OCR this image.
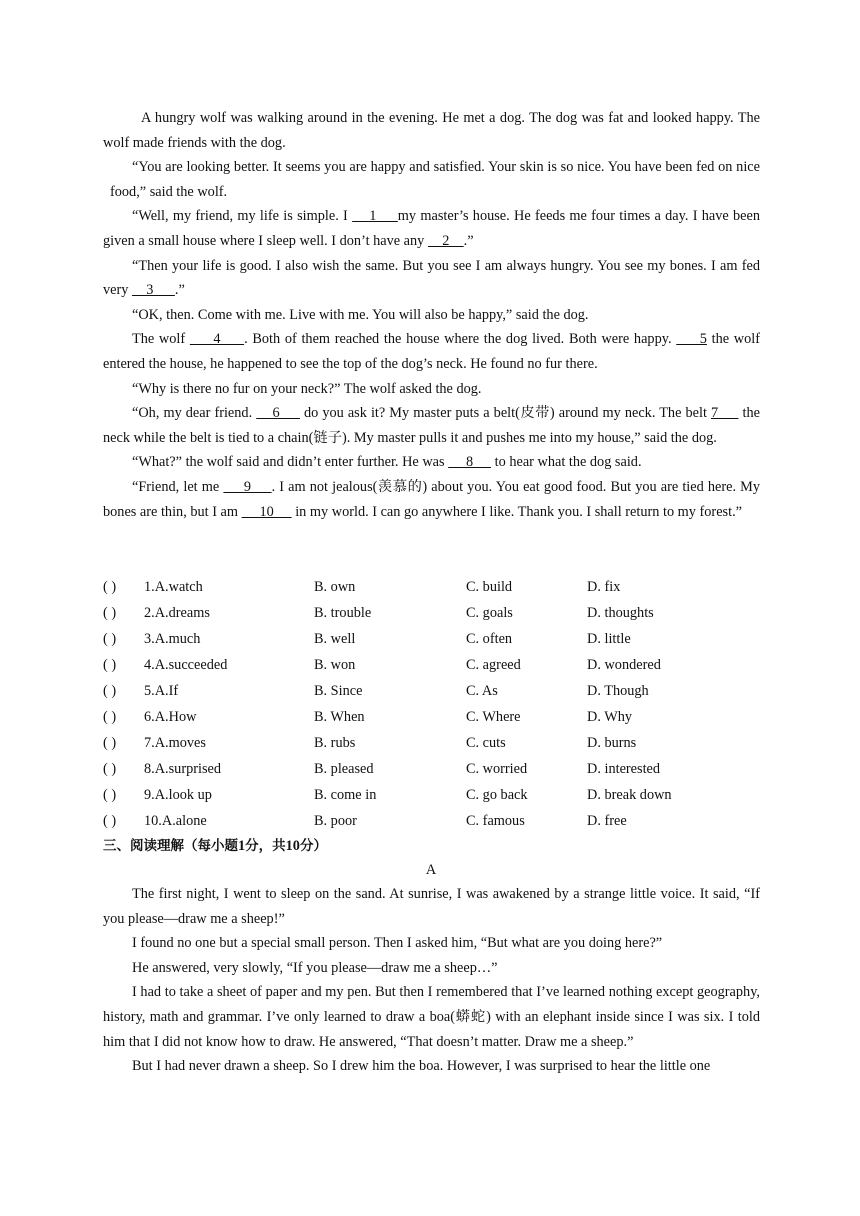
A hungry wolf was walking around in the evening. He met a dog. The dog was fat and looked happy. The wolf made friends with the dog.

“You are looking better. It seems you are happy and satisfied. Your skin is so nice. You have been fed on nice food,” said the wolf.

“Well, my friend, my life is simple. I     1     my master’s house. He feeds me four times a day. I have been given a small house where I sleep well. I don’t have any     2    .”

“Then your life is good. I also wish the same. But you see I am always hungry. You see my bones. I am fed very     3      .”

“OK, then. Come with me. Live with me. You will also be happy,” said the dog.

The wolf      4     . Both of them reached the house where the dog lived. Both were happy.      5 the wolf entered the house, he happened to see the top of the dog’s neck. He found no fur there.

“Why is there no fur on your neck?” The wolf asked the dog.

“Oh, my dear friend.     6      do you ask it? My master puts a belt(皮带) around my neck. The belt 7      the neck while the belt is tied to a chain(链子). My master pulls it and pushes me into my house,” said the dog.

“What?” the wolf said and didn’t enter further. He was      8      to hear what the dog said.

“Friend, let me      9     . I am not jealous(羡慕的) about you. You eat good food. But you are tied here. My bones are thin, but I am      10      in my world. I can go anywhere I like. Thank you. I shall return to my forest.”

( ) 1.A.watch	B. own	C. build	D. fix
( ) 2.A.dreams	B. trouble	C. goals	D. thoughts
( ) 3.A.much	B. well	C. often	D. little
( ) 4.A.succeeded	B. won	C. agreed	D. wondered
( ) 5.A.If	B. Since	C. As	D. Though
( ) 6.A.How	B. When	C. Where	D. Why
( ) 7.A.moves	B. rubs	C. cuts	D. burns
( ) 8.A.surprised	B. pleased	C. worried	D. interested
( ) 9.A.look up	B. come in	C. go back	D. break down
( ) 10.A.alone	B. poor	C. famous	D. free
三、阅读理解（每小题1分，共10分）
A

The first night, I went to sleep on the sand. At sunrise, I was awakened by a strange little voice. It said, “If you please—draw me a sheep!”

I found no one but a special small person. Then I asked him, “But what are you doing here?”

He answered, very slowly, “If you please—draw me a sheep…”

I had to take a sheet of paper and my pen. But then I remembered that I’ve learned nothing except geography, history, math and grammar. I’ve only learned to draw a boa(蟒蛇) with an elephant inside since I was six. I told him that I did not know how to draw. He answered, “That doesn’t matter. Draw me a sheep.”

But I had never drawn a sheep. So I drew him the boa. However, I was surprised to hear the little one
